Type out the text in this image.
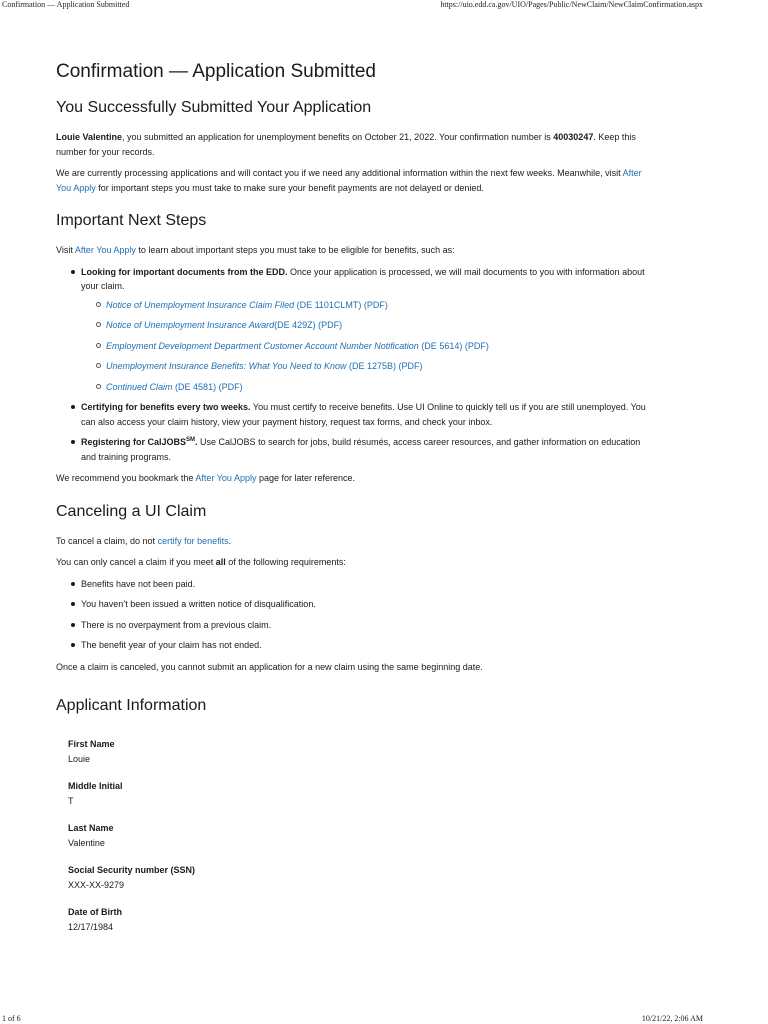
Confirmation — Application Submitted	https://uio.edd.ca.gov/UIO/Pages/Public/NewClaim/NewClaimConfirmation.aspx
Confirmation — Application Submitted
You Successfully Submitted Your Application

Louie Valentine, you submitted an application for unemployment benefits on October 21, 2022. Your confirmation number is 40030247. Keep this number for your records.

We are currently processing applications and will contact you if we need any additional information within the next few weeks. Meanwhile, visit After You Apply for important steps you must take to make sure your benefit payments are not delayed or denied.

Important Next Steps

Visit After You Apply to learn about important steps you must take to be eligible for benefits, such as:

Looking for important documents from the EDD. Once your application is processed, we will mail documents to you with information about your claim.
Notice of Unemployment Insurance Claim Filed (DE 1101CLMT) (PDF)
Notice of Unemployment Insurance Award(DE 429Z) (PDF)
Employment Development Department Customer Account Number Notification (DE 5614) (PDF)
Unemployment Insurance Benefits: What You Need to Know (DE 1275B) (PDF)
Continued Claim (DE 4581) (PDF)
Certifying for benefits every two weeks. You must certify to receive benefits. Use UI Online to quickly tell us if you are still unemployed. You can also access your claim history, view your payment history, request tax forms, and check your inbox.
Registering for CalJOBS℠. Use CalJOBS to search for jobs, build résumés, access career resources, and gather information on education and training programs.

We recommend you bookmark the After You Apply page for later reference.

Canceling a UI Claim

To cancel a claim, do not certify for benefits.

You can only cancel a claim if you meet all of the following requirements:

Benefits have not been paid.
You haven’t been issued a written notice of disqualification.
There is no overpayment from a previous claim.
The benefit year of your claim has not ended.

Once a claim is canceled, you cannot submit an application for a new claim using the same beginning date.

Applicant Information
First Name
Louie
Middle Initial
T
Last Name
Valentine
Social Security number (SSN)
XXX-XX-9279
Date of Birth
12/17/1984
1 of 6	10/21/22, 2:06 AM
